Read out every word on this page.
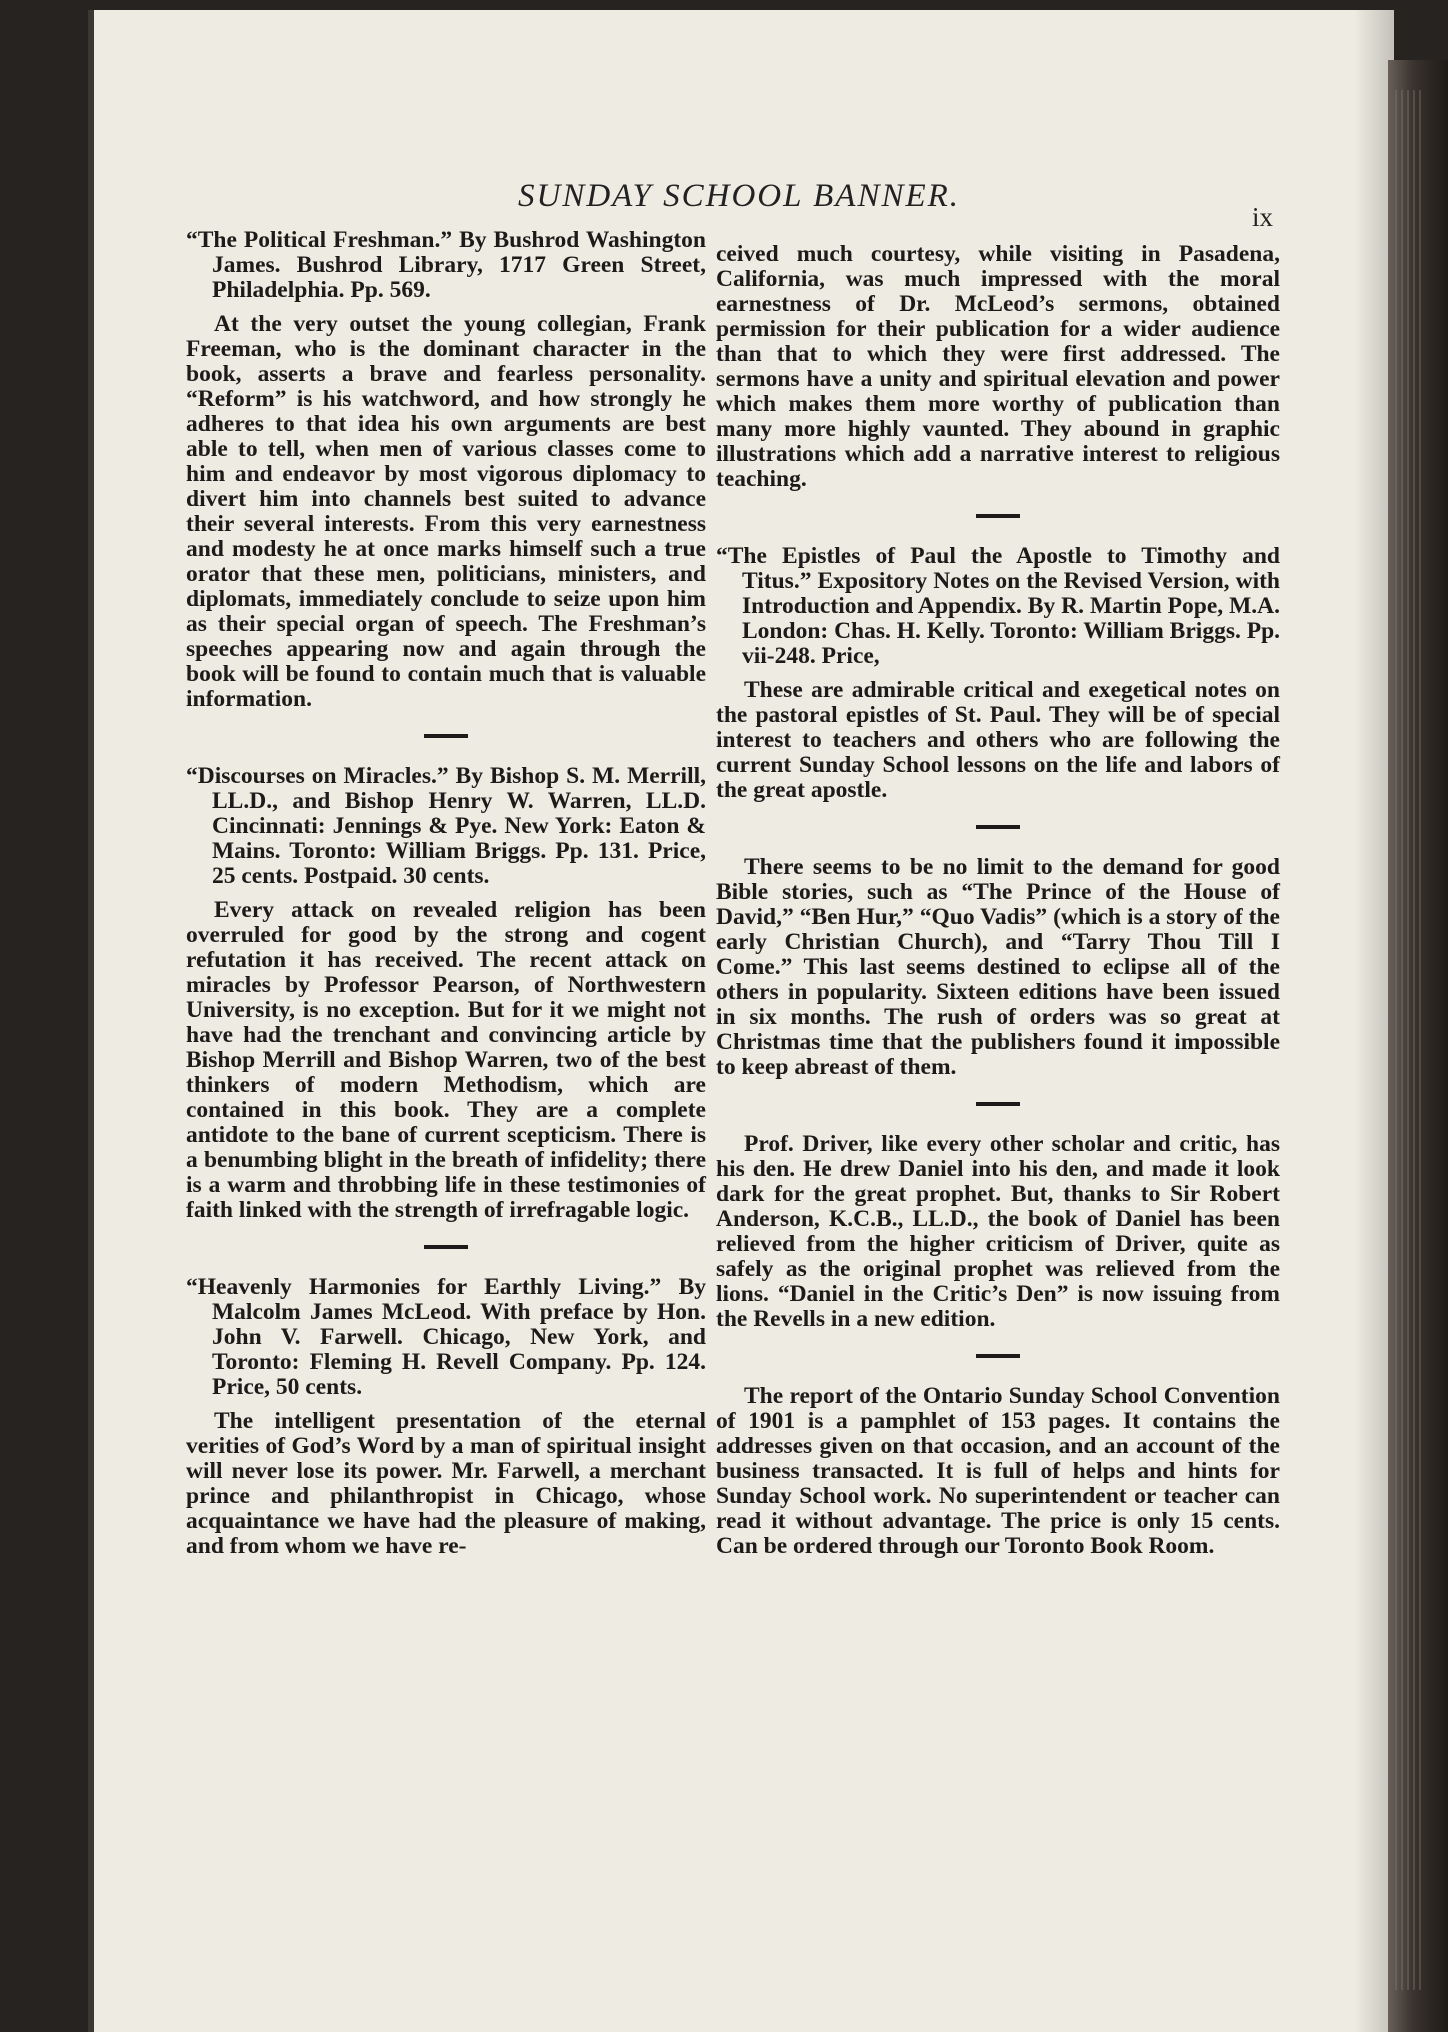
SUNDAY SCHOOL BANNER.
ix

“The Political Freshman.” By Bushrod Washington James. Bushrod Library, 1717 Green Street, Philadelphia. Pp. 569.

At the very outset the young collegian, Frank Freeman, who is the dominant character in the book, asserts a brave and fearless personality. “Reform” is his watchword, and how strongly he adheres to that idea his own arguments are best able to tell, when men of various classes come to him and endeavor by most vigorous diplomacy to divert him into channels best suited to advance their several interests. From this very earnestness and modesty he at once marks himself such a true orator that these men, politicians, ministers, and diplomats, immediately conclude to seize upon him as their special organ of speech. The Freshman’s speeches appearing now and again through the book will be found to contain much that is valuable information.

“Discourses on Miracles.” By Bishop S. M. Merrill, LL.D., and Bishop Henry W. Warren, LL.D. Cincinnati: Jennings & Pye. New York: Eaton & Mains. Toronto: William Briggs. Pp. 131. Price, 25 cents. Postpaid. 30 cents.

Every attack on revealed religion has been overruled for good by the strong and cogent refutation it has received. The recent attack on miracles by Professor Pearson, of Northwestern University, is no exception. But for it we might not have had the trenchant and convincing article by Bishop Merrill and Bishop Warren, two of the best thinkers of modern Methodism, which are contained in this book. They are a complete antidote to the bane of current scepticism. There is a benumbing blight in the breath of infidelity; there is a warm and throbbing life in these testimonies of faith linked with the strength of irrefragable logic.

“Heavenly Harmonies for Earthly Living.” By Malcolm James McLeod. With preface by Hon. John V. Farwell. Chicago, New York, and Toronto: Fleming H. Revell Company. Pp. 124. Price, 50 cents.

The intelligent presentation of the eternal verities of God’s Word by a man of spiritual insight will never lose its power. Mr. Farwell, a merchant prince and philanthropist in Chicago, whose acquaintance we have had the pleasure of making, and from whom we have re-

ceived much courtesy, while visiting in Pasadena, California, was much impressed with the moral earnestness of Dr. McLeod’s sermons, obtained permission for their publication for a wider audience than that to which they were first addressed. The sermons have a unity and spiritual elevation and power which makes them more worthy of publication than many more highly vaunted. They abound in graphic illustrations which add a narrative interest to religious teaching.

“The Epistles of Paul the Apostle to Timothy and Titus.” Expository Notes on the Revised Version, with Introduction and Appendix. By R. Martin Pope, M.A. London: Chas. H. Kelly. Toronto: William Briggs. Pp. vii-248. Price,

These are admirable critical and exegetical notes on the pastoral epistles of St. Paul. They will be of special interest to teachers and others who are following the current Sunday School lessons on the life and labors of the great apostle.

There seems to be no limit to the demand for good Bible stories, such as “The Prince of the House of David,” “Ben Hur,” “Quo Vadis” (which is a story of the early Christian Church), and “Tarry Thou Till I Come.” This last seems destined to eclipse all of the others in popularity. Sixteen editions have been issued in six months. The rush of orders was so great at Christmas time that the publishers found it impossible to keep abreast of them.

Prof. Driver, like every other scholar and critic, has his den. He drew Daniel into his den, and made it look dark for the great prophet. But, thanks to Sir Robert Anderson, K.C.B., LL.D., the book of Daniel has been relieved from the higher criticism of Driver, quite as safely as the original prophet was relieved from the lions. “Daniel in the Critic’s Den” is now issuing from the Revells in a new edition.

The report of the Ontario Sunday School Convention of 1901 is a pamphlet of 153 pages. It contains the addresses given on that occasion, and an account of the business transacted. It is full of helps and hints for Sunday School work. No superintendent or teacher can read it without advantage. The price is only 15 cents. Can be ordered through our Toronto Book Room.
